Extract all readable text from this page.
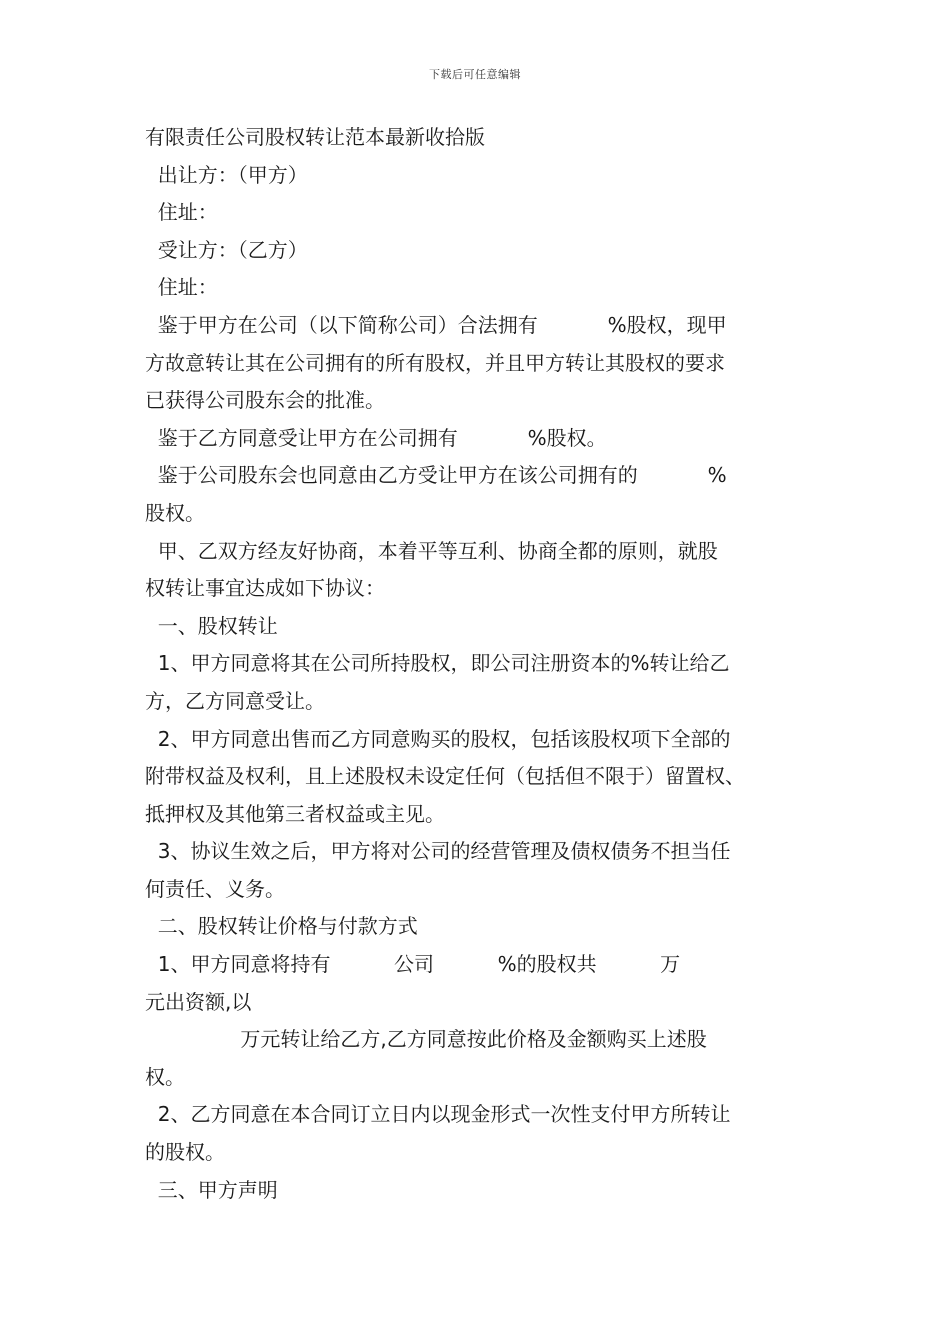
下载后可任意编辑
有限责任公司股权转让范本最新收拾版
出让方：（甲方）
住址：
受让方：（乙方）
住址：
鉴于甲方在公司（以下简称公司）合法拥有           %股权，现甲
方故意转让其在公司拥有的所有股权，并且甲方转让其股权的要求
已获得公司股东会的批准。
鉴于乙方同意受让甲方在公司拥有           %股权。
鉴于公司股东会也同意由乙方受让甲方在该公司拥有的           %
股权。
甲、乙双方经友好协商，本着平等互利、协商全都的原则，就股
权转让事宜达成如下协议：
一、股权转让
1、甲方同意将其在公司所持股权，即公司注册资本的%转让给乙
方，乙方同意受让。
2、甲方同意出售而乙方同意购买的股权，包括该股权项下全部的
附带权益及权利，且上述股权未设定任何（包括但不限于）留置权、
抵押权及其他第三者权益或主见。
3、协议生效之后，甲方将对公司的经营管理及债权债务不担当任
何责任、义务。
二、股权转让价格与付款方式
1、甲方同意将持有          公司          %的股权共          万
元出资额,以
万元转让给乙方,乙方同意按此价格及金额购买上述股
权。
2、乙方同意在本合同订立日内以现金形式一次性支付甲方所转让
的股权。
三、甲方声明
